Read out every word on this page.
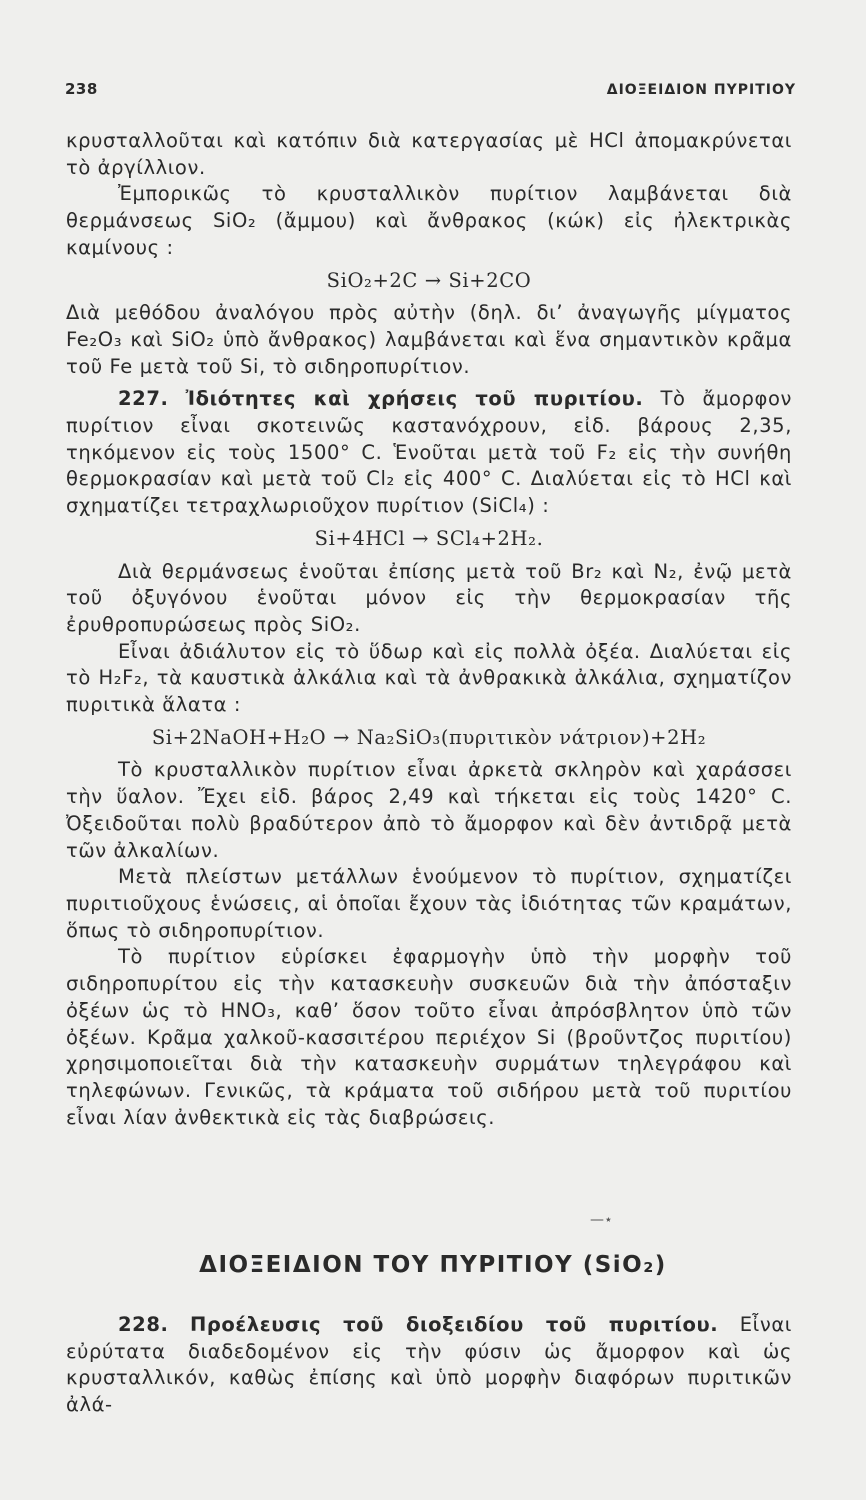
238	ΔΙΟΞΕΙΔΙΟΝ ΠΥΡΙΤΙΟΥ

κρυσταλλοῦται καὶ κατόπιν διὰ κατεργασίας μὲ HCl ἀπομακρύνεται τὸ ἀργίλλιον.

Ἐμπορικῶς τὸ κρυσταλλικὸν πυρίτιον λαμβάνεται διὰ θερμάνσεως SiO₂ (ἄμμου) καὶ ἄνθρακος (κώκ) εἰς ἠλεκτρικὰς καμίνους :

SiO₂+2C → Si+2CO

Διὰ μεθόδου ἀναλόγου πρὸς αὐτὴν (δηλ. δι’ ἀναγωγῆς μίγματος Fe₂O₃ καὶ SiO₂ ὑπὸ ἄνθρακος) λαμβάνεται καὶ ἕνα σημαντικὸν κρᾶμα τοῦ Fe μετὰ τοῦ Si, τὸ σιδηροπυρίτιον.

227. Ἰδιότητες καὶ χρήσεις τοῦ πυριτίου. Τὸ ἄμορφον πυρίτιον εἶναι σκοτεινῶς καστανόχρουν, εἰδ. βάρους 2,35, τηκόμενον εἰς τοὺς 1500° C. Ἑνοῦται μετὰ τοῦ F₂ εἰς τὴν συνήθη θερμοκρασίαν καὶ μετὰ τοῦ Cl₂ εἰς 400° C. Διαλύεται εἰς τὸ HCl καὶ σχηματίζει τετραχλωριοῦχον πυρίτιον (SiCl₄) :

Si+4HCl → SCl₄+2H₂.

Διὰ θερμάνσεως ἑνοῦται ἐπίσης μετὰ τοῦ Br₂ καὶ N₂, ἐνῷ μετὰ τοῦ ὀξυγόνου ἑνοῦται μόνον εἰς τὴν θερμοκρασίαν τῆς ἐρυθροπυρώσεως πρὸς SiO₂.

Εἶναι ἀδιάλυτον εἰς τὸ ὕδωρ καὶ εἰς πολλὰ ὀξέα. Διαλύεται εἰς τὸ H₂F₂, τὰ καυστικὰ ἀλκάλια καὶ τὰ ἀνθρακικὰ ἀλκάλια, σχηματίζον πυριτικὰ ἅλατα :

Si+2NaOH+H₂O → Na₂SiO₃(πυριτικὸν νάτριον)+2H₂

Τὸ κρυσταλλικὸν πυρίτιον εἶναι ἀρκετὰ σκληρὸν καὶ χαράσσει τὴν ὕαλον. Ἔχει εἰδ. βάρος 2,49 καὶ τήκεται εἰς τοὺς 1420° C. Ὀξειδοῦται πολὺ βραδύτερον ἀπὸ τὸ ἄμορφον καὶ δὲν ἀντιδρᾷ μετὰ τῶν ἀλκαλίων.

Μετὰ πλείστων μετάλλων ἑνούμενον τὸ πυρίτιον, σχηματίζει πυριτιοῦχους ἑνώσεις, αἱ ὁποῖαι ἔχουν τὰς ἰδιότητας τῶν κραμάτων, ὅπως τὸ σιδηροπυρίτιον.

Τὸ πυρίτιον εὑρίσκει ἐφαρμογὴν ὑπὸ τὴν μορφὴν τοῦ σιδηροπυρίτου εἰς τὴν κατασκευὴν συσκευῶν διὰ τὴν ἀπόσταξιν ὀξέων ὡς τὸ HNO₃, καθ’ ὅσον τοῦτο εἶναι ἀπρόσβλητον ὑπὸ τῶν ὀξέων. Κρᾶμα χαλκοῦ-κασσιτέρου περιέχον Si (βροῦντζος πυριτίου) χρησιμοποιεῖται διὰ τὴν κατασκευὴν συρμάτων τηλεγράφου καὶ τηλεφώνων. Γενικῶς, τὰ κράματα τοῦ σιδήρου μετὰ τοῦ πυριτίου εἶναι λίαν ἀνθεκτικὰ εἰς τὰς διαβρώσεις.

—⋆
ΔΙΟΞΕΙΔΙΟΝ ΤΟΥ ΠΥΡΙΤΙΟΥ (SiO₂)

228. Προέλευσις τοῦ διοξειδίου τοῦ πυριτίου. Εἶναι εὐρύτατα διαδεδομένον εἰς τὴν φύσιν ὡς ἄμορφον καὶ ὡς κρυσταλλικόν, καθὼς ἐπίσης καὶ ὑπὸ μορφὴν διαφόρων πυριτικῶν ἀλά-
